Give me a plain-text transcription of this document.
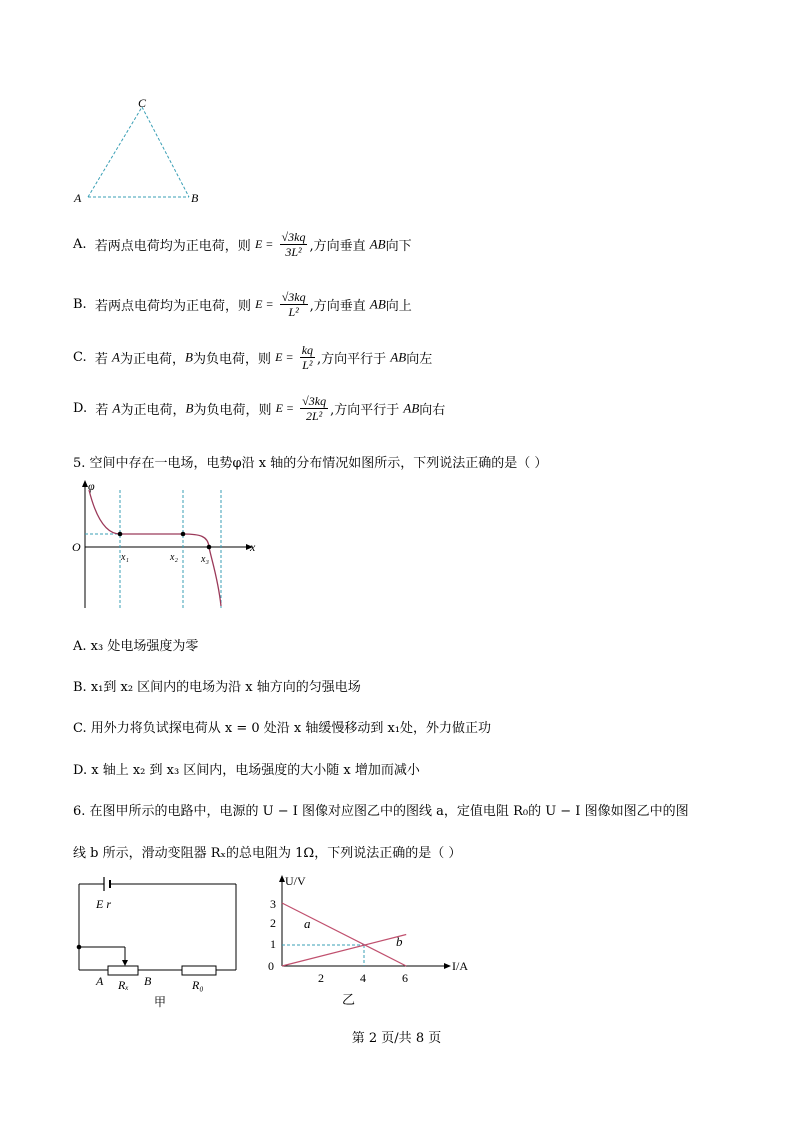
C
A	B
A. 若两点电荷均为正电荷，则 $E = \frac{√3kq}{\text{3L²}}$ ,方向垂直 AB向下
B. 若两点电荷均为正电荷，则 $E = \frac{√3kq}{\text{L²}}$ ,方向垂直 AB向上
C. 若 A为正电荷，B为负电荷，则 $E = \frac{kq}{\text{L²}}$ ,方向平行于 AB向左
D. 若 A为正电荷，B为负电荷，则 $E = \frac{√3kq}{\text{2L²}}$ ,方向平行于 AB向右
5. 空间中存在一电场，电势φ沿 x 轴的分布情况如图所示，下列说法正确的是（ ）
φ
x
O
x₁	x₂ x₃
A. x₃ 处电场强度为零
B. x₁到 x₂ 区间内的电场为沿 x 轴方向的匀强电场
C. 用外力将负试探电荷从 x = 0 处沿 x 轴缓慢移动到 x₁处，外力做正功
D. x 轴上 x₂ 到 x₃ 区间内，电场强度的大小随 x 增加而减小
6. 在图甲所示的电路中，电源的 U − I 图像对应图乙中的图线 a，定值电阻 R₀的 U − I 图像如图乙中的图
线 b 所示，滑动变阻器 Rₓ的总电阻为 1Ω，下列说法正确的是（ ）
E r
A	B
Rₓ	R₀
甲
U/V
I/A
0
3
2
1
2	4	6
a
b
乙
第 2 页/共 8 页
